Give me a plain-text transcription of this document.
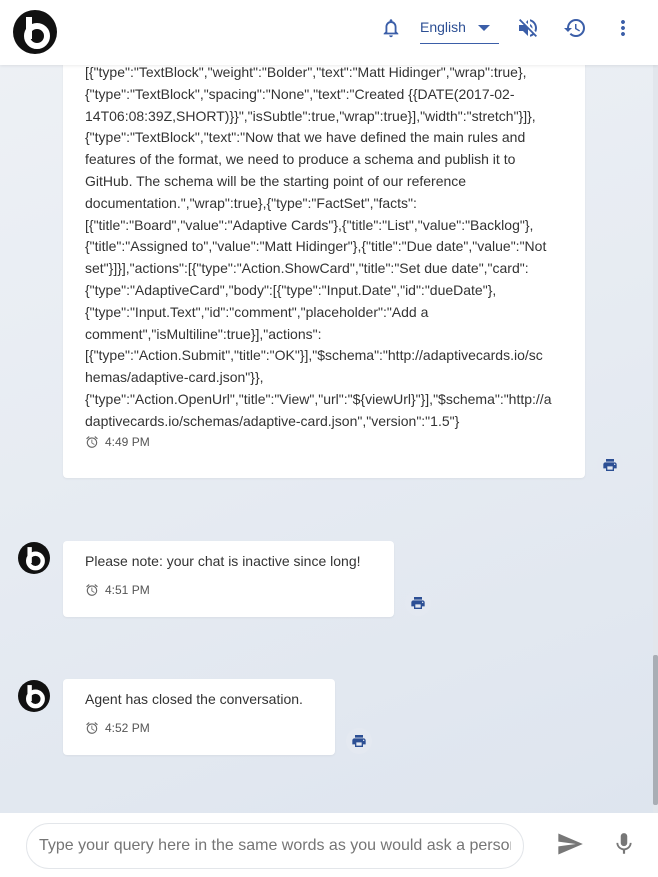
English
[{"type":"TextBlock","weight":"Bolder","text":"Matt Hidinger","wrap":true},
{"type":"TextBlock","spacing":"None","text":"Created {{DATE(2017-02-
14T06:08:39Z,SHORT)}}","isSubtle":true,"wrap":true}],"width":"stretch"}]},
{"type":"TextBlock","text":"Now that we have defined the main rules and
features of the format, we need to produce a schema and publish it to
GitHub. The schema will be the starting point of our reference
documentation.","wrap":true},{"type":"FactSet","facts":
[{"title":"Board","value":"Adaptive Cards"},{"title":"List","value":"Backlog"},
{"title":"Assigned to","value":"Matt Hidinger"},{"title":"Due date","value":"Not
set"}]}],"actions":[{"type":"Action.ShowCard","title":"Set due date","card":
{"type":"AdaptiveCard","body":[{"type":"Input.Date","id":"dueDate"},
{"type":"Input.Text","id":"comment","placeholder":"Add a
comment","isMultiline":true}],"actions":
[{"type":"Action.Submit","title":"OK"}],"$schema":"http://adaptivecards.io/sc
hemas/adaptive-card.json"}},
{"type":"Action.OpenUrl","title":"View","url":"${viewUrl}"}],"$schema":"http://a
daptivecards.io/schemas/adaptive-card.json","version":"1.5"}
4:49 PM
Please note: your chat is inactive since long!
4:51 PM
Agent has closed the conversation.
4:52 PM
Type your query here in the same words as you would ask a person.
